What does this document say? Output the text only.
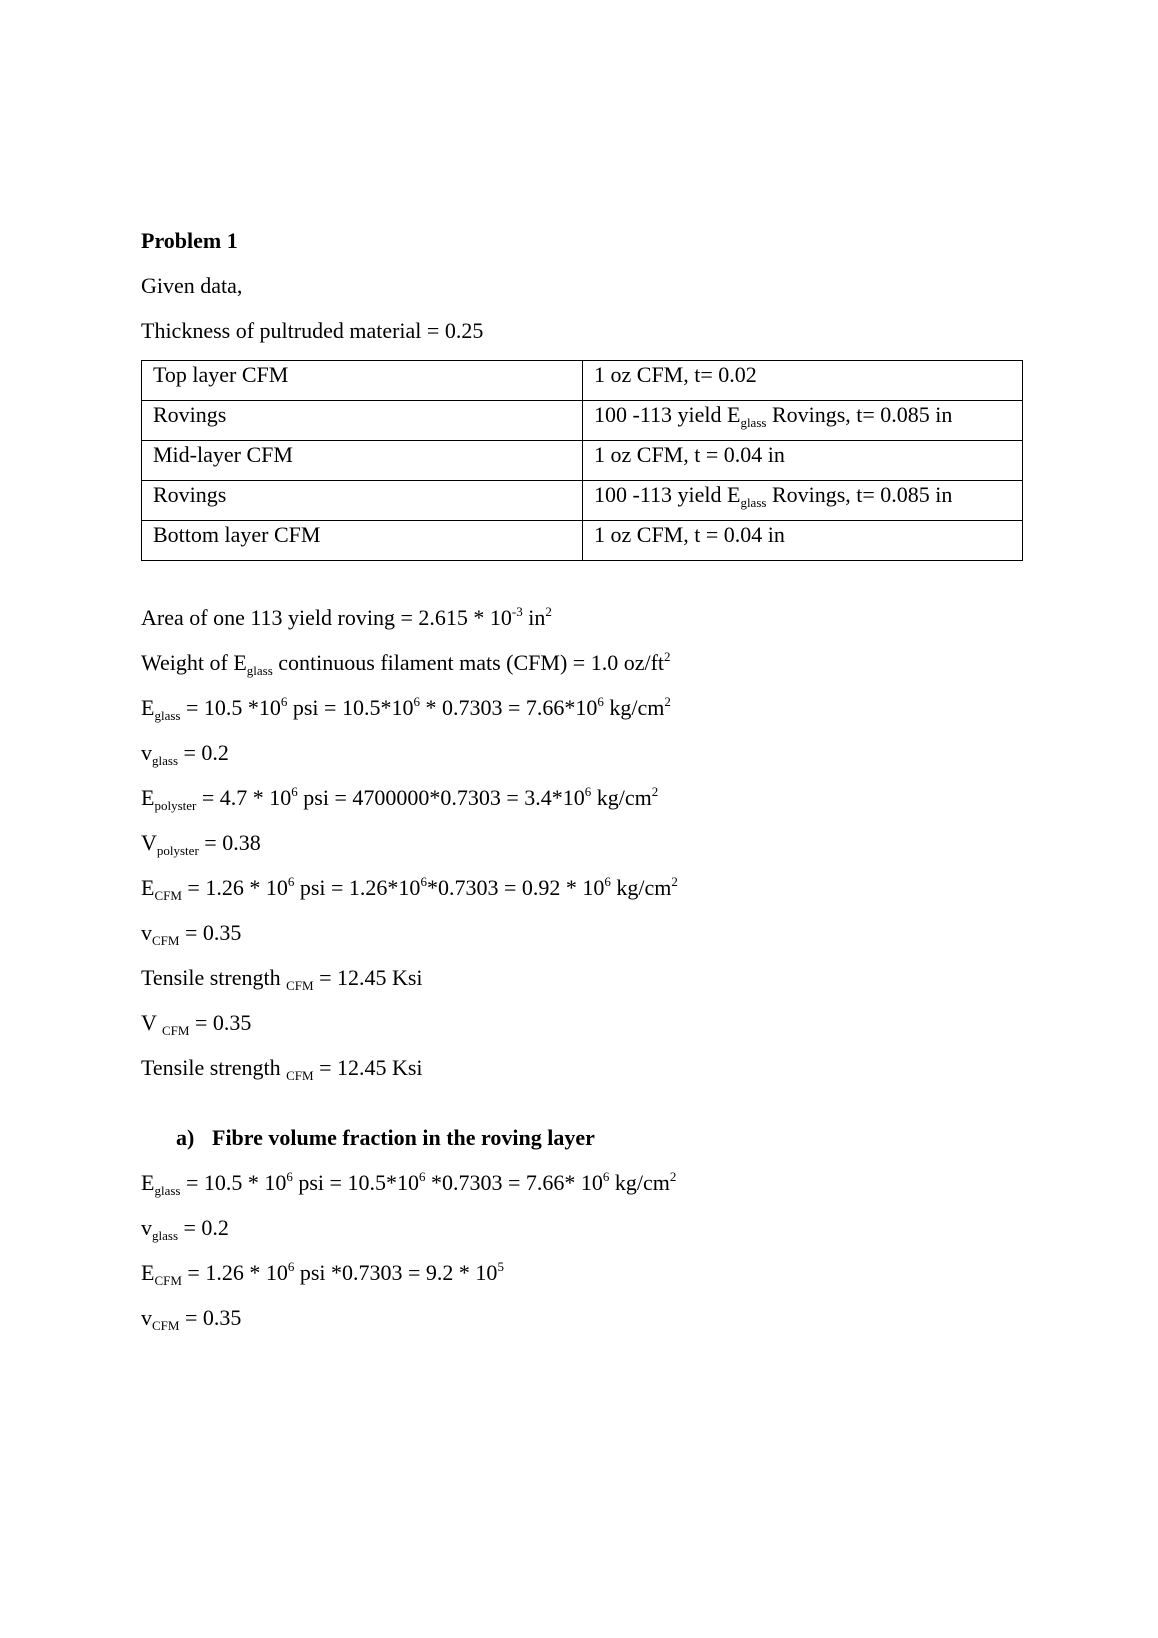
Problem 1
Given data,
Thickness of pultruded material = 0.25
Top layer CFM	1 oz CFM, t= 0.02
Rovings	100 -113 yield $E_{glass}$ Rovings, t= 0.085 in
Mid-layer CFM	1 oz CFM, t = 0.04 in
Rovings	100 -113 yield $E_{glass}$ Rovings, t= 0.085 in
Bottom layer CFM	1 oz CFM, t = 0.04 in
Area of one 113 yield roving = $2.615 * 10^{-3}$ $in^2$
Weight of $E_{glass}$ continuous filament mats (CFM) = 1.0 $oz/ft^2$
$E_{glass} = 10.5$ $*10^6$ psi = $10.5*10^6 * 0.7303 = 7.66*10^6$ $kg/cm^2$
$v_{glass} = 0.2$
$E_{polyster} = 4.7 * 10^6$ psi = $4700000*0.7303 = 3.4*10^6$ $kg/cm^2$
$V_{polyster} = 0.38$
$E_{CFM} = 1.26 * 10^6$ psi = $1.26*10^6*0.7303 = 0.92 * 10^6$ $kg/cm^2$
$v_{CFM} = 0.35$
Tensile strength $_{CFM}$ = 12.45 Ksi
V $_{CFM}$ = 0.35
Tensile strength $_{CFM}$ = 12.45 Ksi
a) Fibre volume fraction in the roving layer
$E_{glass} = 10.5 * 10^6$ psi = $10.5*10^6$ *0.7303 = 7.66* $10^6$ $kg/cm^2$
$v_{glass} = 0.2$
$E_{CFM} = 1.26 * 10^6$ psi $*0.7303 = 9.2 * 10^5$
$v_{CFM} = 0.35$
